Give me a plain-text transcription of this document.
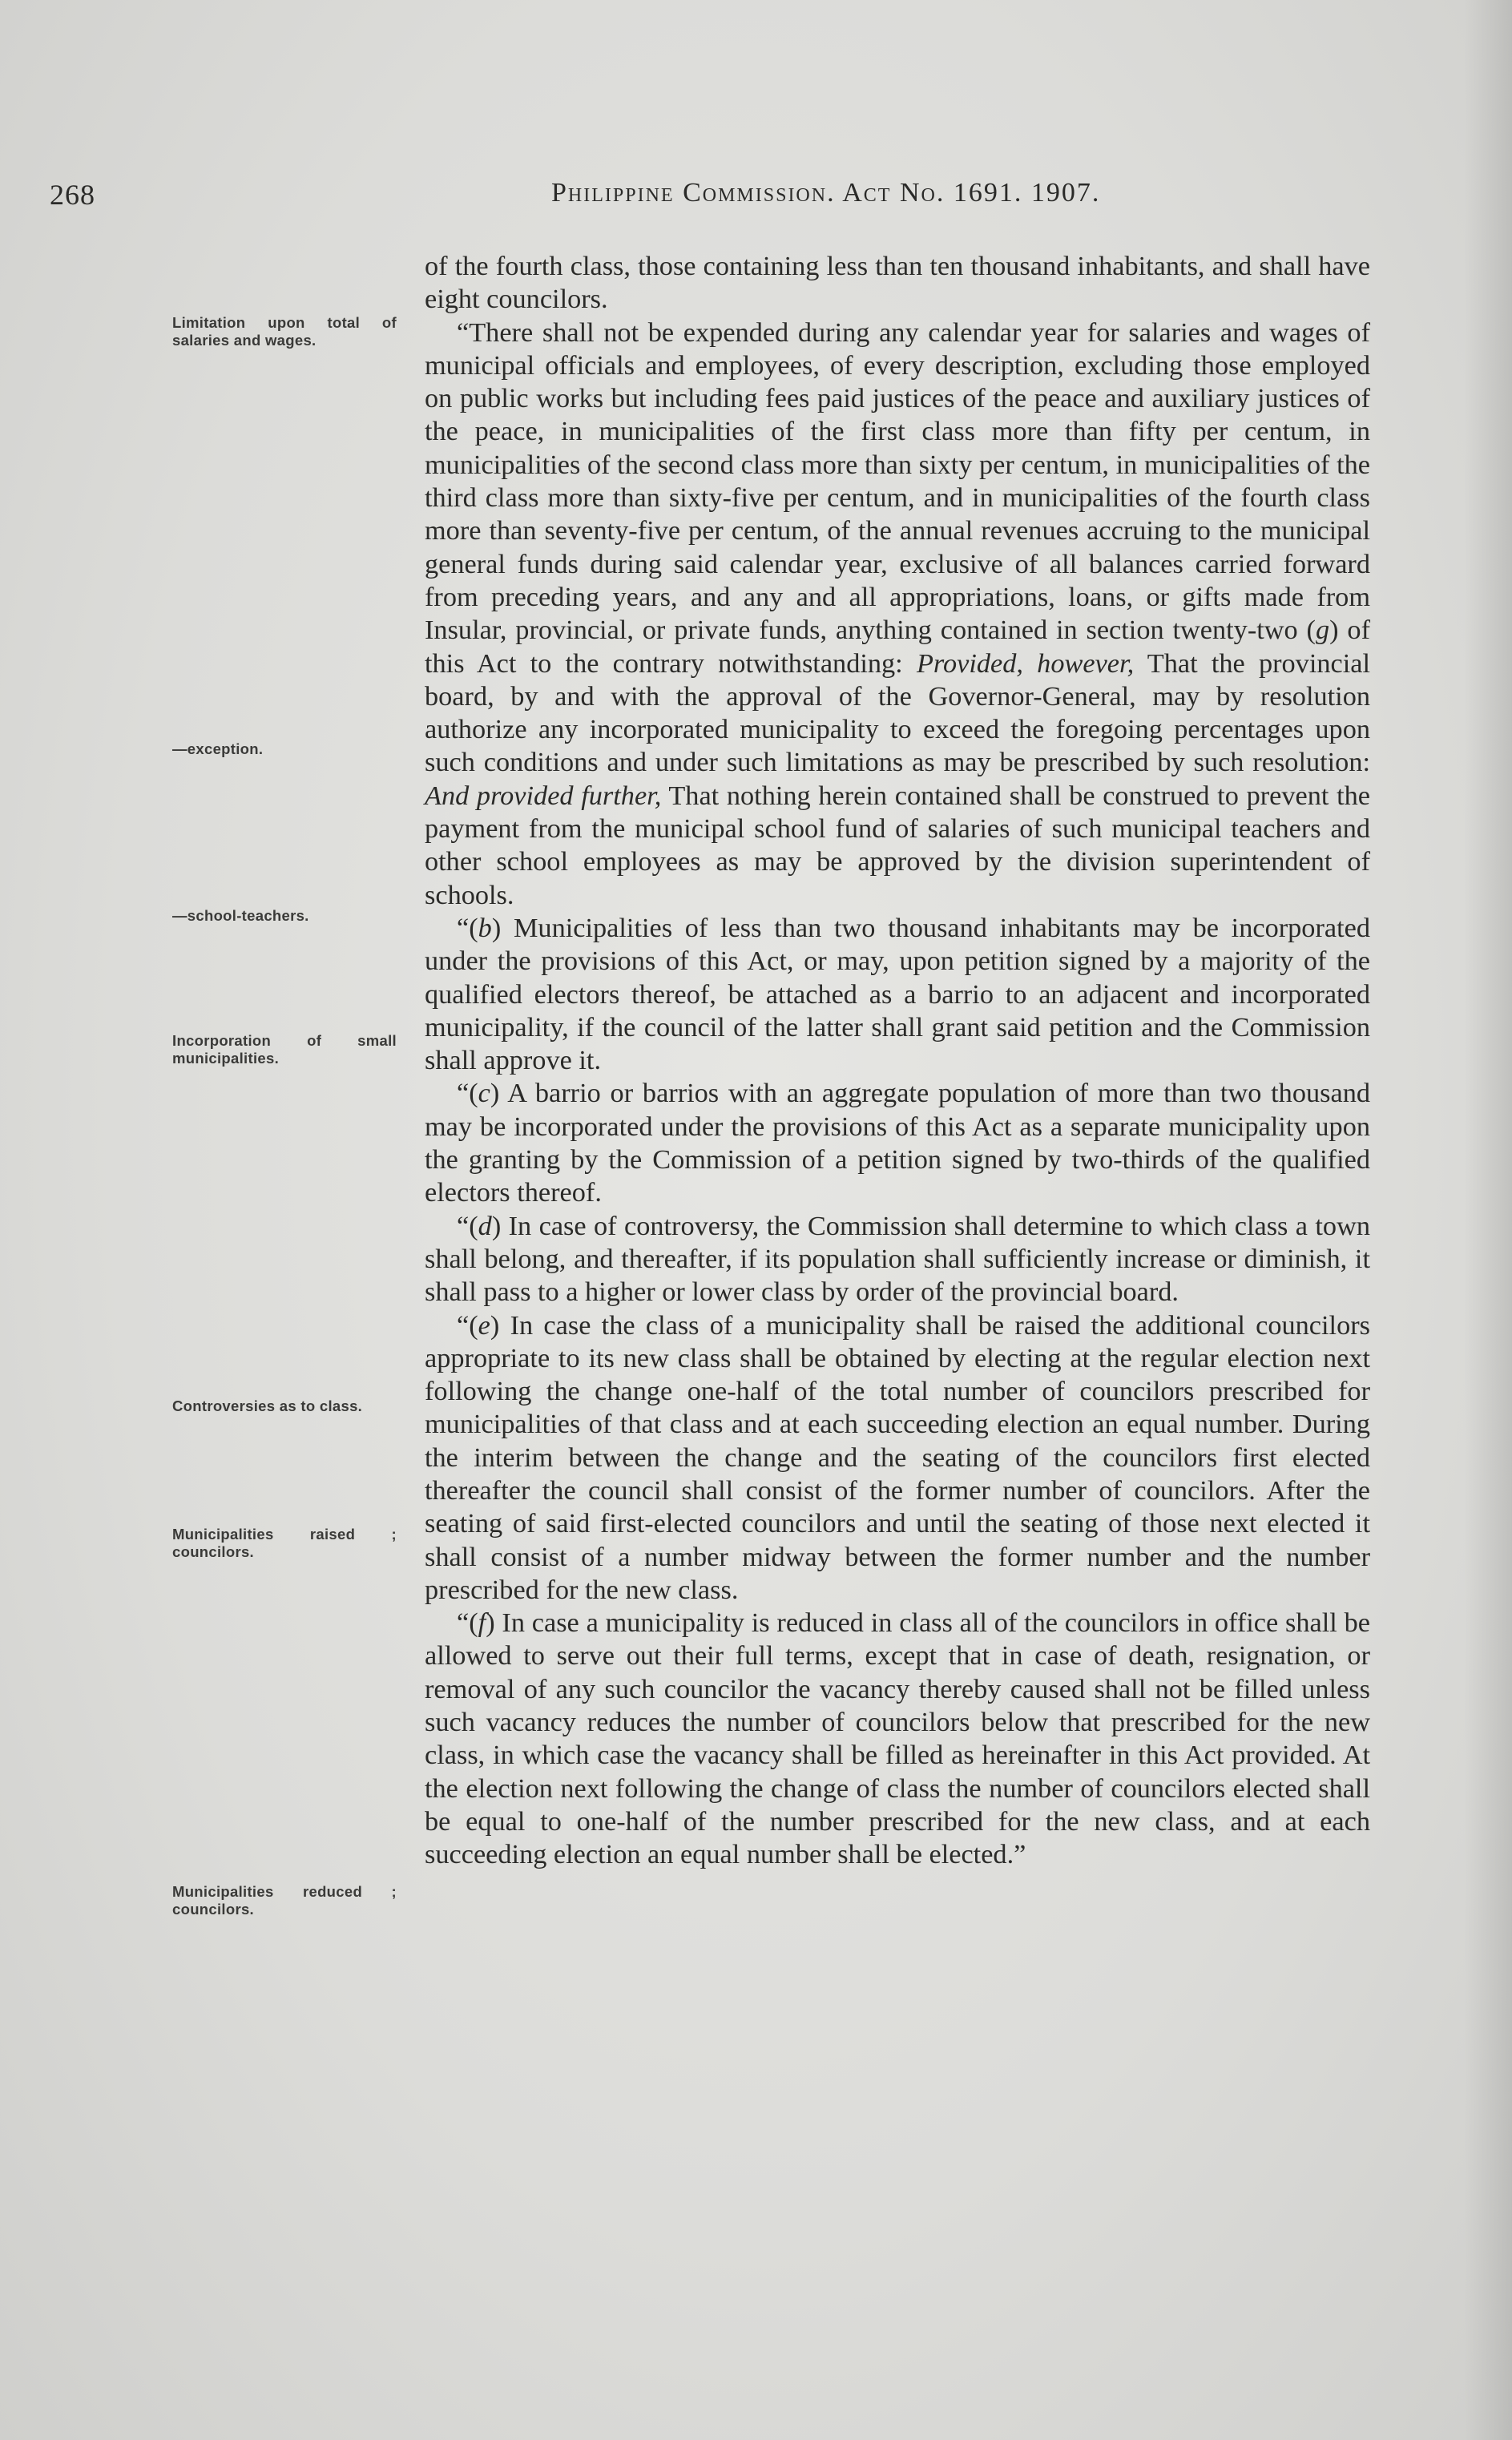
268	Philippine Commission. Act No. 1691. 1907.
Limitation upon total of salaries and wages.
—exception.
—school-teachers.
Incorporation of small municipalities.
Controversies as to class.
Municipalities raised ; councilors.
Municipalities reduced ; councilors.

of the fourth class, those containing less than ten thousand inhabitants, and shall have eight councilors.

“There shall not be expended during any calendar year for salaries and wages of municipal officials and employees, of every description, excluding those employed on public works but including fees paid justices of the peace and auxiliary justices of the peace, in municipalities of the first class more than fifty per centum, in municipalities of the second class more than sixty per centum, in municipalities of the third class more than sixty-five per centum, and in municipalities of the fourth class more than seventy-five per centum, of the annual revenues accruing to the municipal general funds during said calendar year, exclusive of all balances carried forward from preceding years, and any and all appropriations, loans, or gifts made from Insular, provincial, or private funds, anything contained in section twenty-two (g) of this Act to the contrary notwithstanding: Provided, however, That the provincial board, by and with the approval of the Governor-General, may by resolution authorize any incorporated municipality to exceed the foregoing percentages upon such conditions and under such limitations as may be prescribed by such resolution: And provided further, That nothing herein contained shall be construed to prevent the payment from the municipal school fund of salaries of such municipal teachers and other school employees as may be approved by the division superintendent of schools.

“(b) Municipalities of less than two thousand inhabitants may be incorporated under the provisions of this Act, or may, upon petition signed by a majority of the qualified electors thereof, be attached as a barrio to an adjacent and incorporated municipality, if the council of the latter shall grant said petition and the Commission shall approve it.

“(c) A barrio or barrios with an aggregate population of more than two thousand may be incorporated under the provisions of this Act as a separate municipality upon the granting by the Commission of a petition signed by two-thirds of the qualified electors thereof.

“(d) In case of controversy, the Commission shall determine to which class a town shall belong, and thereafter, if its population shall sufficiently increase or diminish, it shall pass to a higher or lower class by order of the provincial board.

“(e) In case the class of a municipality shall be raised the additional councilors appropriate to its new class shall be obtained by electing at the regular election next following the change one-half of the total number of councilors prescribed for municipalities of that class and at each succeeding election an equal number. During the interim between the change and the seating of the councilors first elected thereafter the council shall consist of the former number of councilors. After the seating of said first-elected councilors and until the seating of those next elected it shall consist of a number midway between the former number and the number prescribed for the new class.

“(f) In case a municipality is reduced in class all of the councilors in office shall be allowed to serve out their full terms, except that in case of death, resignation, or removal of any such councilor the vacancy thereby caused shall not be filled unless such vacancy reduces the number of councilors below that prescribed for the new class, in which case the vacancy shall be filled as hereinafter in this Act provided. At the election next following the change of class the number of councilors elected shall be equal to one-half of the number prescribed for the new class, and at each succeeding election an equal number shall be elected.”
